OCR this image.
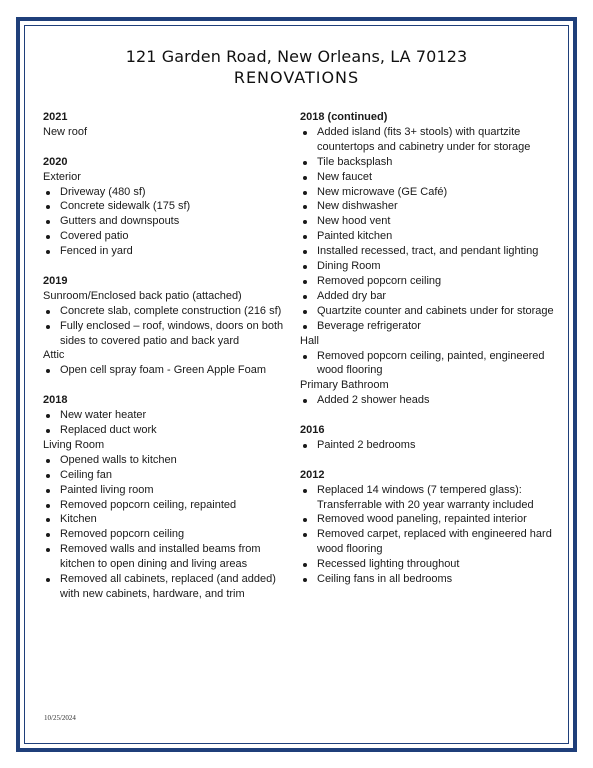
121 Garden Road, New Orleans, LA 70123
RENOVATIONS
2021
New roof
2020
Exterior
Driveway (480 sf)
Concrete sidewalk (175 sf)
Gutters and downspouts
Covered patio
Fenced in yard
2019
Sunroom/Enclosed back patio (attached)
Concrete slab, complete construction (216 sf)
Fully enclosed – roof, windows, doors on both sides to covered patio and back yard
Attic
Open cell spray foam - Green Apple Foam
2018
New water heater
Replaced duct work
Living Room
Opened walls to kitchen
Ceiling fan
Painted living room
Removed popcorn ceiling, repainted
Kitchen
Removed popcorn ceiling
Removed walls and installed beams from kitchen to open dining and living areas
Removed all cabinets, replaced (and added) with new cabinets, hardware, and trim
2018 (continued)
Added island (fits 3+ stools) with quartzite countertops and cabinetry under for storage
Tile backsplash
New faucet
New microwave (GE Café)
New dishwasher
New hood vent
Painted kitchen
Installed recessed, tract, and pendant lighting
Dining Room
Removed popcorn ceiling
Added dry bar
Quartzite counter and cabinets under for storage
Beverage refrigerator
Hall
Removed popcorn ceiling, painted, engineered wood flooring
Primary Bathroom
Added 2 shower heads
2016
Painted 2 bedrooms
2012
Replaced 14 windows (7 tempered glass): Transferrable with 20 year warranty included
Removed wood paneling, repainted interior
Removed carpet, replaced with engineered hard wood flooring
Recessed lighting throughout
Ceiling fans in all bedrooms
10/25/2024
